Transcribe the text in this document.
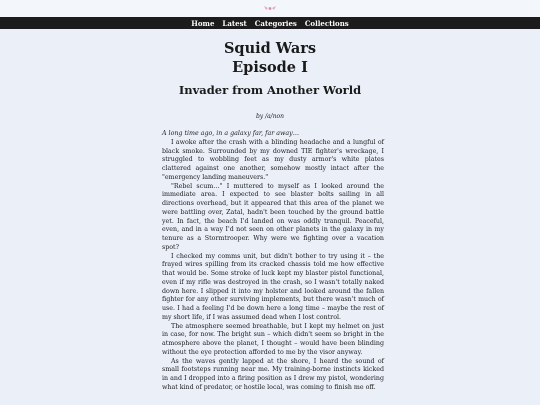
Home Latest Categories Collections
Squid Wars
Episode I
Invader from Another World
by /a/non

A long time ago, in a galaxy far, far away…

I awoke after the crash with a blinding headache and a lungful of black smoke. Surrounded by my downed TIE fighter's wreckage, I struggled to wobbling feet as my dusty armor's white plates clattered against one another, somehow mostly intact after the "emergency landing maneuvers."

"Rebel scum…" I muttered to myself as I looked around the immediate area. I expected to see blaster bolts sailing in all directions overhead, but it appeared that this area of the planet we were battling over, Zatal, hadn't been touched by the ground battle yet. In fact, the beach I'd landed on was oddly tranquil. Peaceful, even, and in a way I'd not seen on other planets in the galaxy in my tenure as a Stormtrooper. Why were we fighting over a vacation spot?

I checked my comms unit, but didn't bother to try using it – the frayed wires spilling from its cracked chassis told me how effective that would be. Some stroke of luck kept my blaster pistol functional, even if my rifle was destroyed in the crash, so I wasn't totally naked down here. I slipped it into my holster and looked around the fallen fighter for any other surviving implements, but there wasn't much of use. I had a feeling I'd be down here a long time – maybe the rest of my short life, if I was assumed dead when I lost control.

The atmosphere seemed breathable, but I kept my helmet on just in case, for now. The bright sun – which didn't seem so bright in the atmosphere above the planet, I thought – would have been blinding without the eye protection afforded to me by the visor anyway.

As the waves gently lapped at the shore, I heard the sound of small footsteps running near me. My training-borne instincts kicked in and I dropped into a firing position as I drew my pistol, wondering what kind of predator, or hostile local, was coming to finish me off.
